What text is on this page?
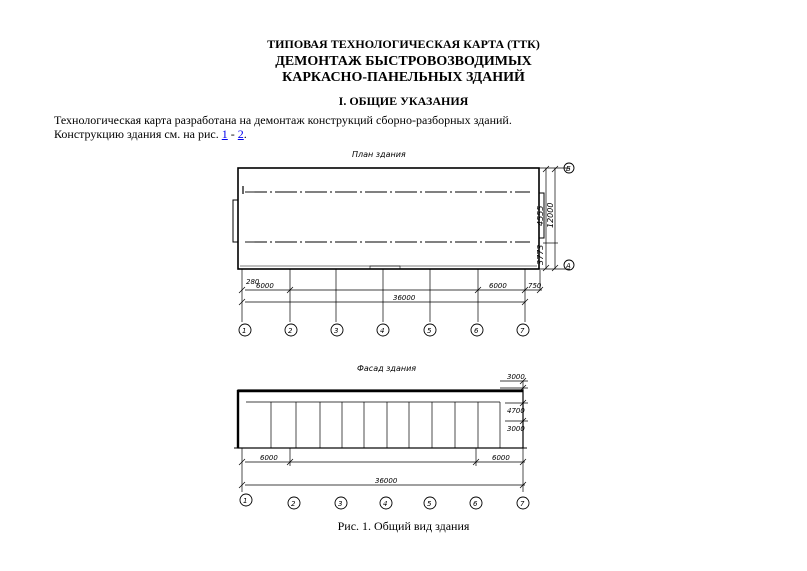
ТИПОВАЯ ТЕХНОЛОГИЧЕСКАЯ КАРТА (ТТК)
ДЕМОНТАЖ БЫСТРОВОЗВОДИМЫХ
КАРКАСНО-ПАНЕЛЬНЫХ ЗДАНИЙ
I. ОБЩИЕ УКАЗАНИЯ
Технологическая карта разработана на демонтаж конструкций сборно-разборных зданий.
Конструкцию здания см. на рис. 1 - 2.
План здания
4555 12000
3773
Б
А
280
6000	6000	750
36000
1	2	3	4	5	6	7
Фасад здания
3000
4700
3000
6000	6000
36000
1	2	3	4	5	6	7
Рис. 1. Общий вид здания
